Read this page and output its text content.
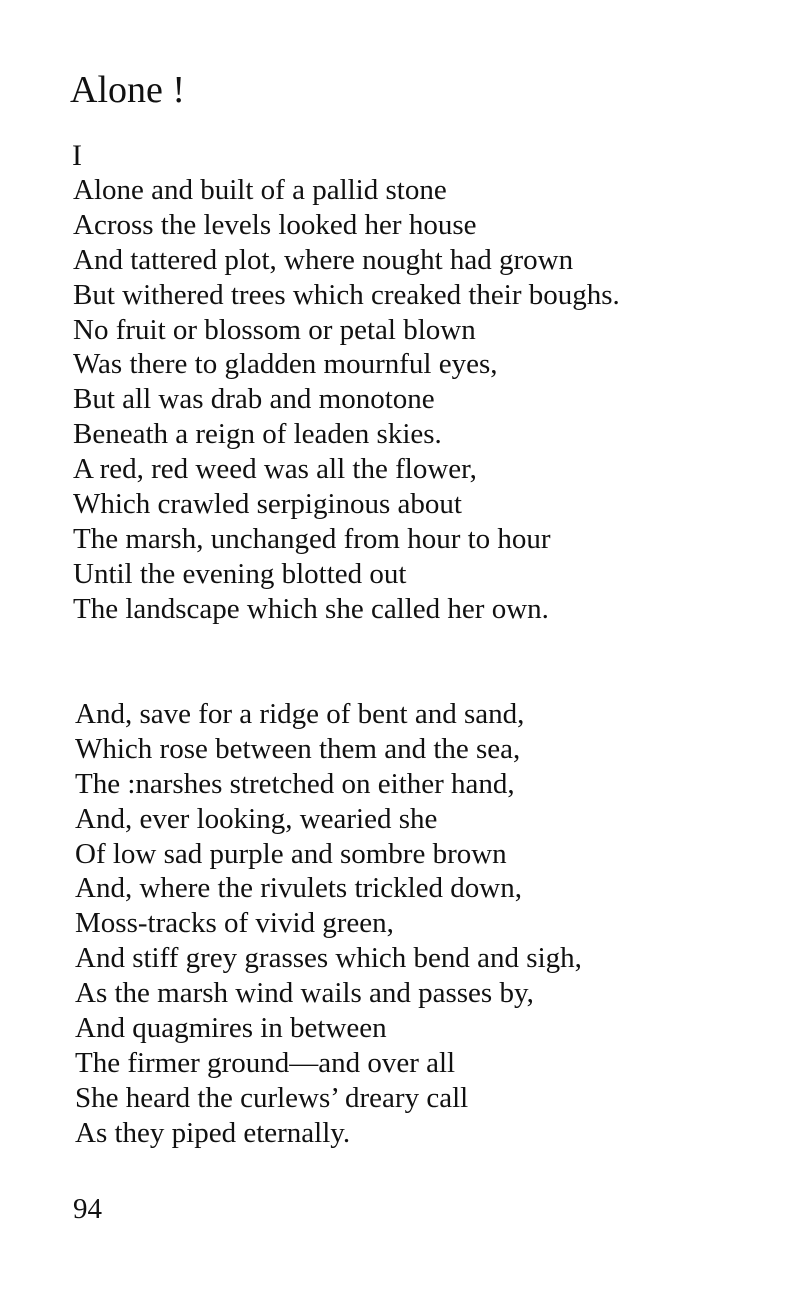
Alone !
I
Alone and built of a pallid stone
Across the levels looked her house
And tattered plot, where nought had grown
But withered trees which creaked their boughs.
No fruit or blossom or petal blown
Was there to gladden mournful eyes,
But all was drab and monotone
Beneath a reign of leaden skies.
A red, red weed was all the flower,
Which crawled serpiginous about
The marsh, unchanged from hour to hour
Until the evening blotted out
The landscape which she called her own.
And, save for a ridge of bent and sand,
Which rose between them and the sea,
The :narshes stretched on either hand,
And, ever looking, wearied she
Of low sad purple and sombre brown
And, where the rivulets trickled down,
Moss-tracks of vivid green,
And stiff grey grasses which bend and sigh,
As the marsh wind wails and passes by,
And quagmires in between
The firmer ground—and over all
She heard the curlews’ dreary call
As they piped eternally.
94
